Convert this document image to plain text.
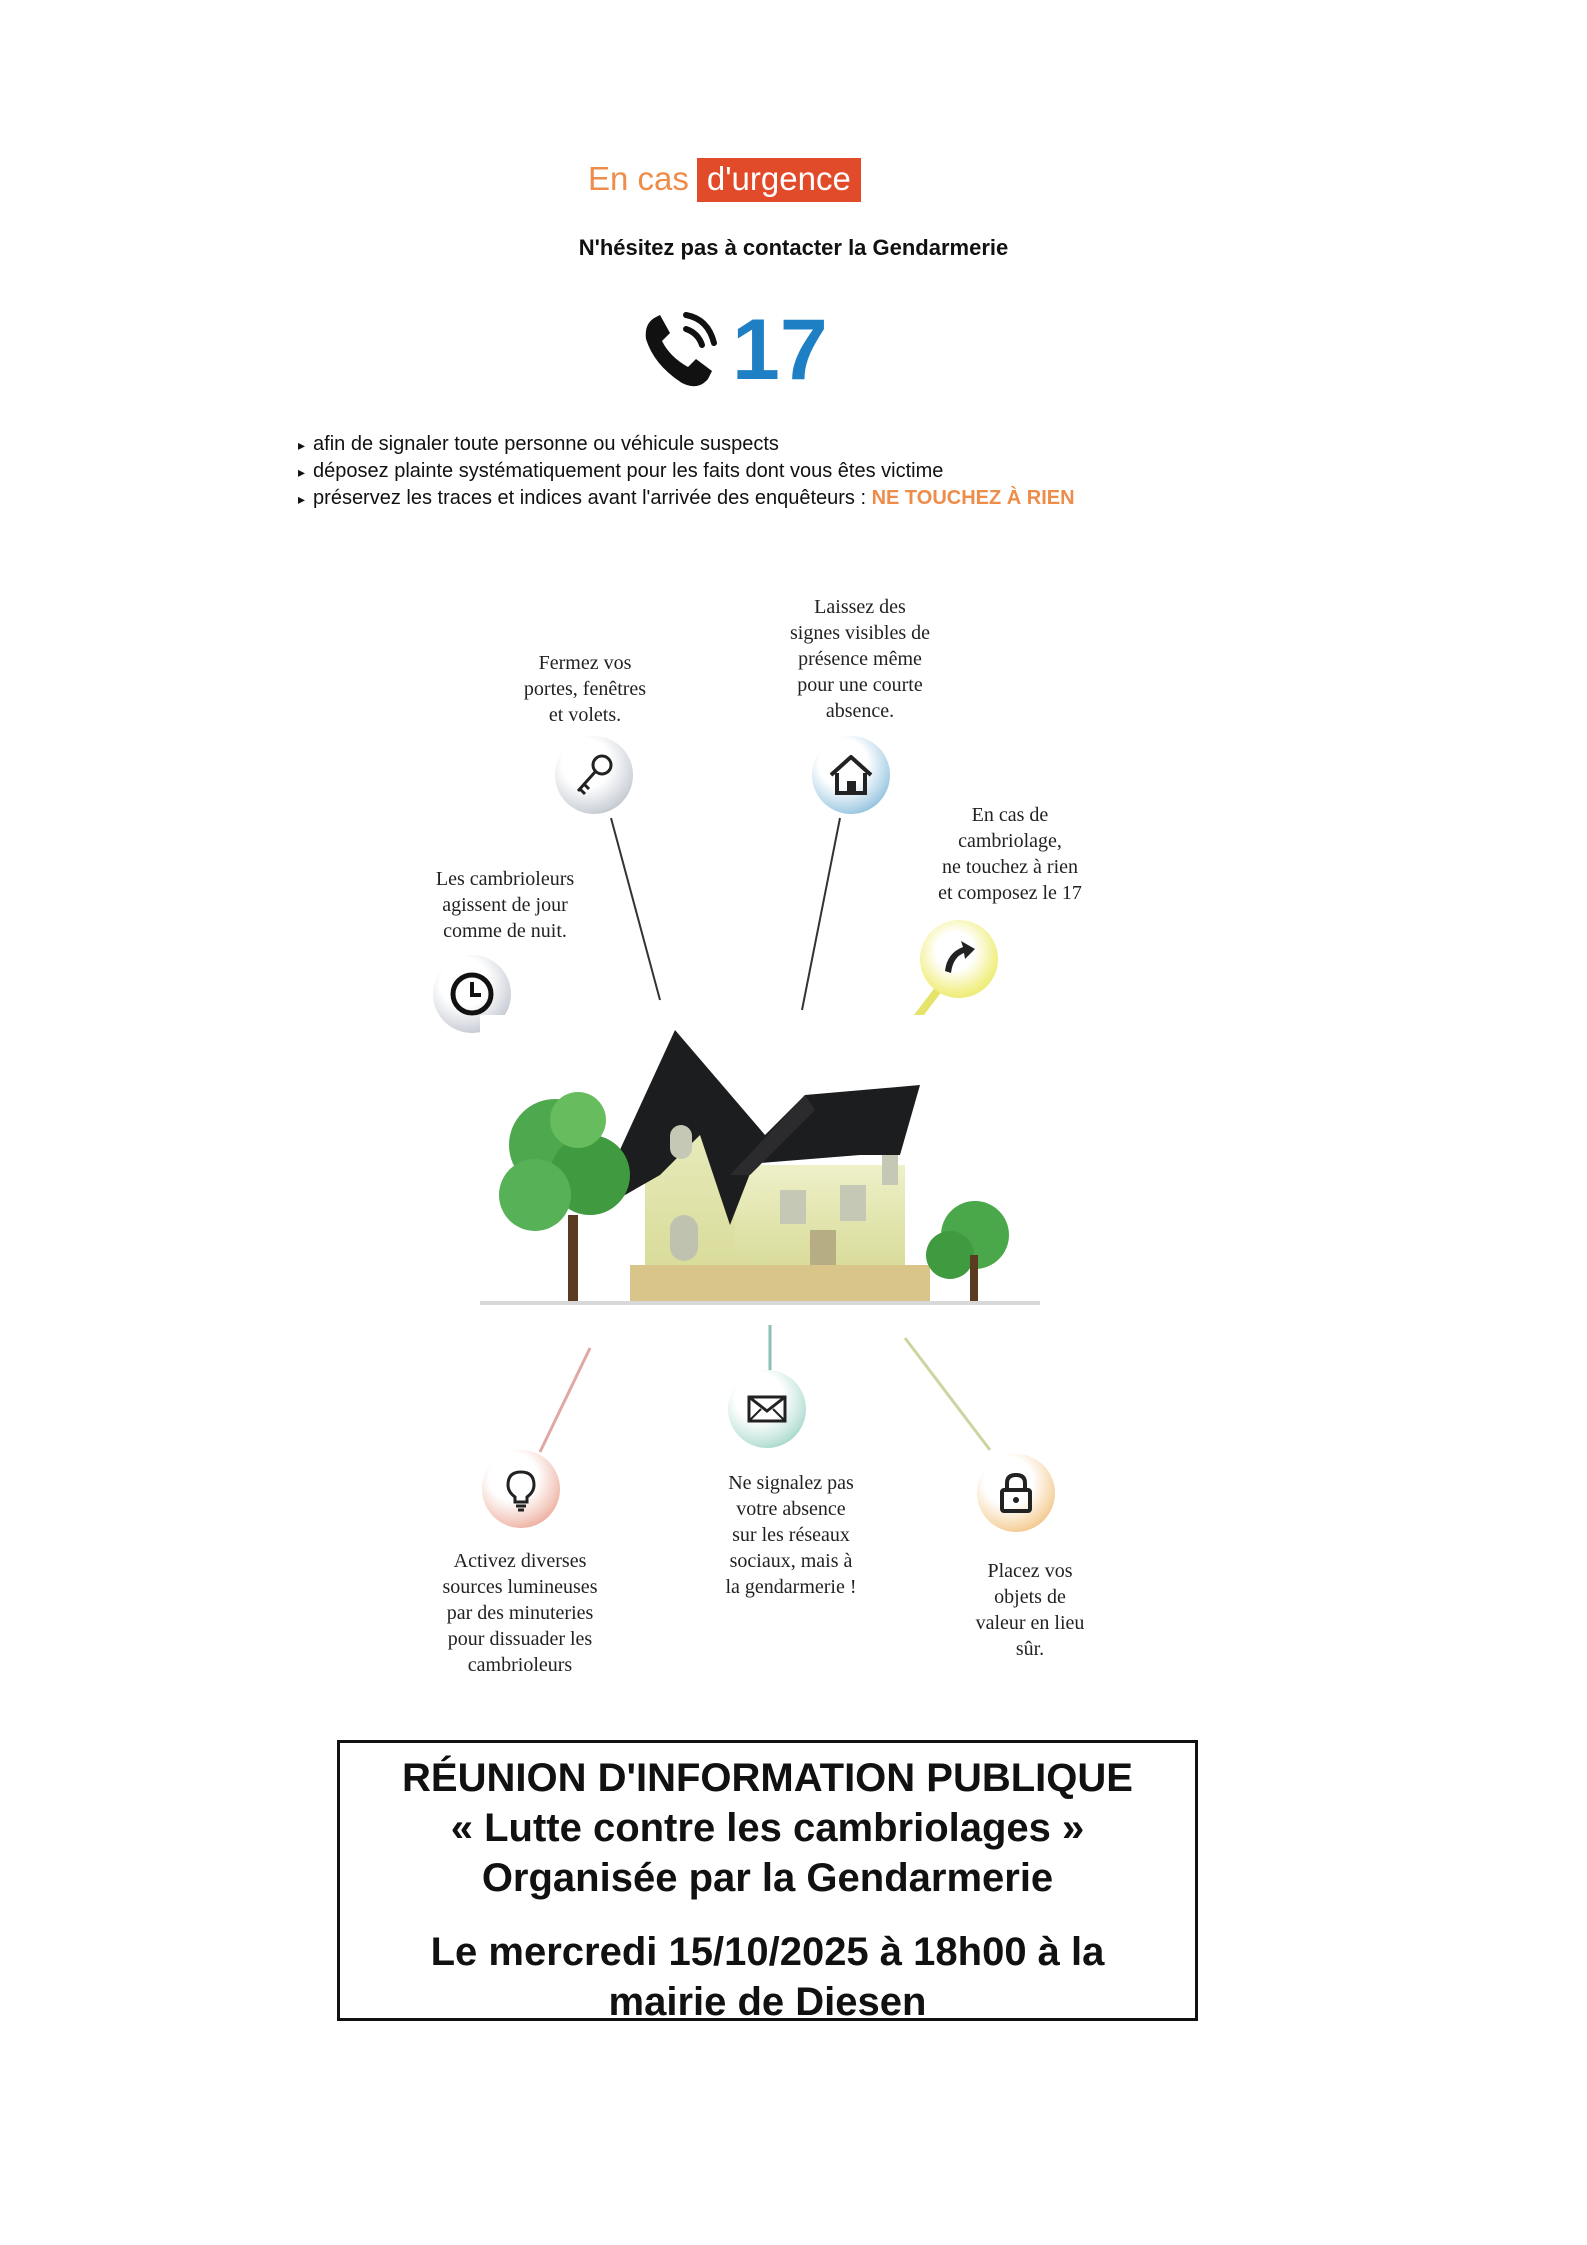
En cas d'urgence
N'hésitez pas à contacter la Gendarmerie
17
▸ afin de signaler toute personne ou véhicule suspects
▸ déposez plainte systématiquement pour les faits dont vous êtes victime
▸ préservez les traces et indices avant l'arrivée des enquêteurs : NE TOUCHEZ À RIEN
Fermez vos
portes, fenêtres
et volets.
Laissez des
signes visibles de
présence même
pour une courte
absence.
En cas de
cambriolage,
ne touchez à rien
et composez le 17
Les cambrioleurs
agissent de jour
comme de nuit.
Activez diverses
sources lumineuses
par des minuteries
pour dissuader les
cambrioleurs
Ne signalez pas
votre absence
sur les réseaux
sociaux, mais à
la gendarmerie !
Placez vos
objets de
valeur en lieu
sûr.
RÉUNION D'INFORMATION PUBLIQUE
« Lutte contre les cambriolages »
Organisée par la Gendarmerie
Le mercredi 15/10/2025 à 18h00 à la
mairie de Diesen
